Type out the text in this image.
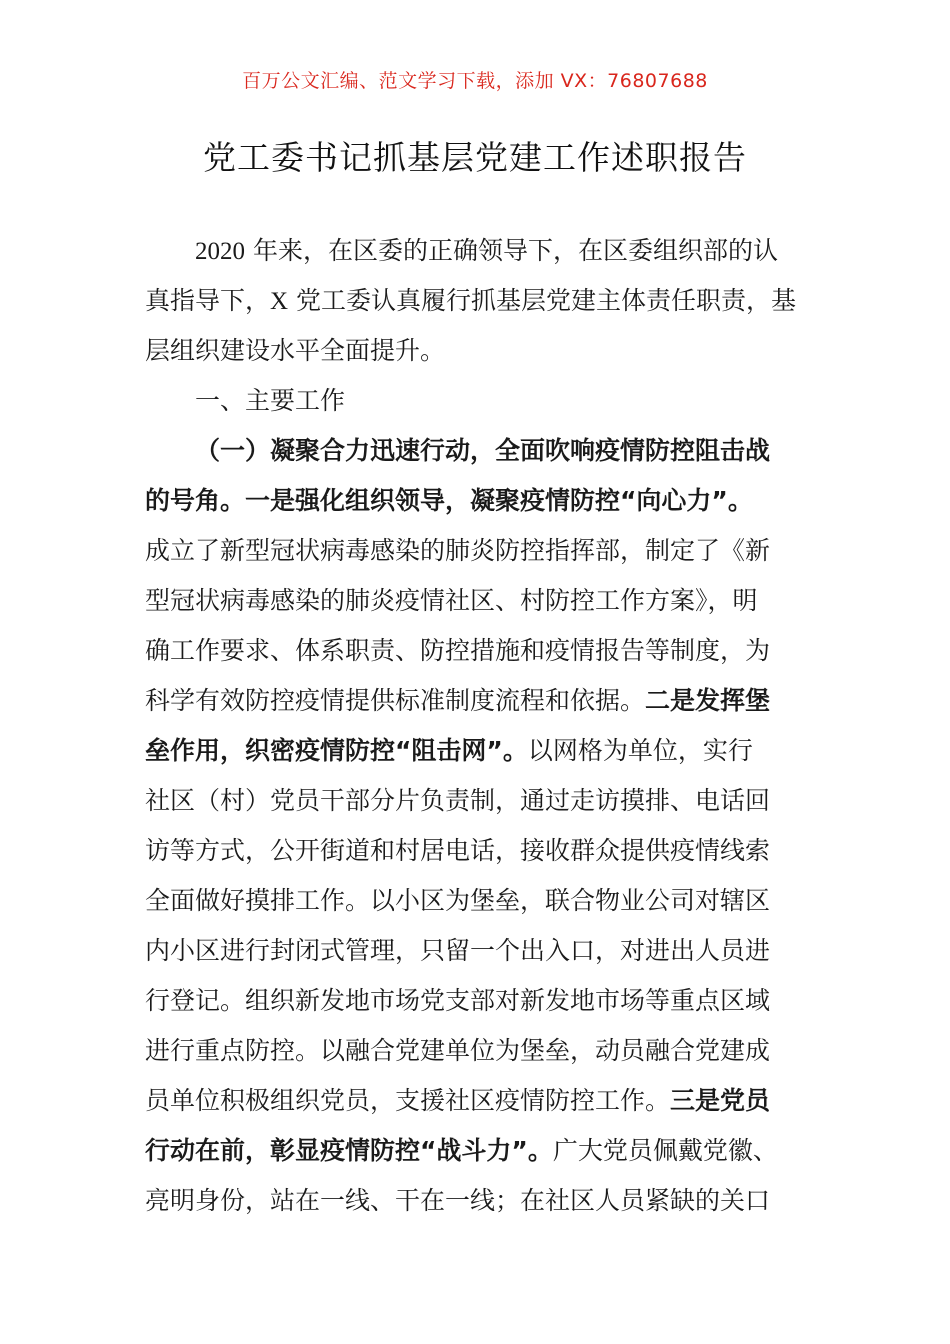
百万公文汇编、范文学习下载，添加 VX：76807688
党工委书记抓基层党建工作述职报告
2020 年来，在区委的正确领导下，在区委组织部的认
真指导下，X 党工委认真履行抓基层党建主体责任职责，基
层组织建设水平全面提升。
一、主要工作
（一）凝聚合力迅速行动，全面吹响疫情防控阻击战
的号角。一是强化组织领导，凝聚疫情防控“向心力”。
成立了新型冠状病毒感染的肺炎防控指挥部，制定了《新
型冠状病毒感染的肺炎疫情社区、村防控工作方案》，明
确工作要求、体系职责、防控措施和疫情报告等制度，为
科学有效防控疫情提供标准制度流程和依据。二是发挥堡
垒作用，织密疫情防控“阻击网”。以网格为单位，实行
社区（村）党员干部分片负责制，通过走访摸排、电话回
访等方式，公开街道和村居电话，接收群众提供疫情线索
全面做好摸排工作。以小区为堡垒，联合物业公司对辖区
内小区进行封闭式管理，只留一个出入口，对进出人员进
行登记。组织新发地市场党支部对新发地市场等重点区域
进行重点防控。以融合党建单位为堡垒，动员融合党建成
员单位积极组织党员，支援社区疫情防控工作。三是党员
行动在前，彰显疫情防控“战斗力”。广大党员佩戴党徽、
亮明身份，站在一线、干在一线；在社区人员紧缺的关口
